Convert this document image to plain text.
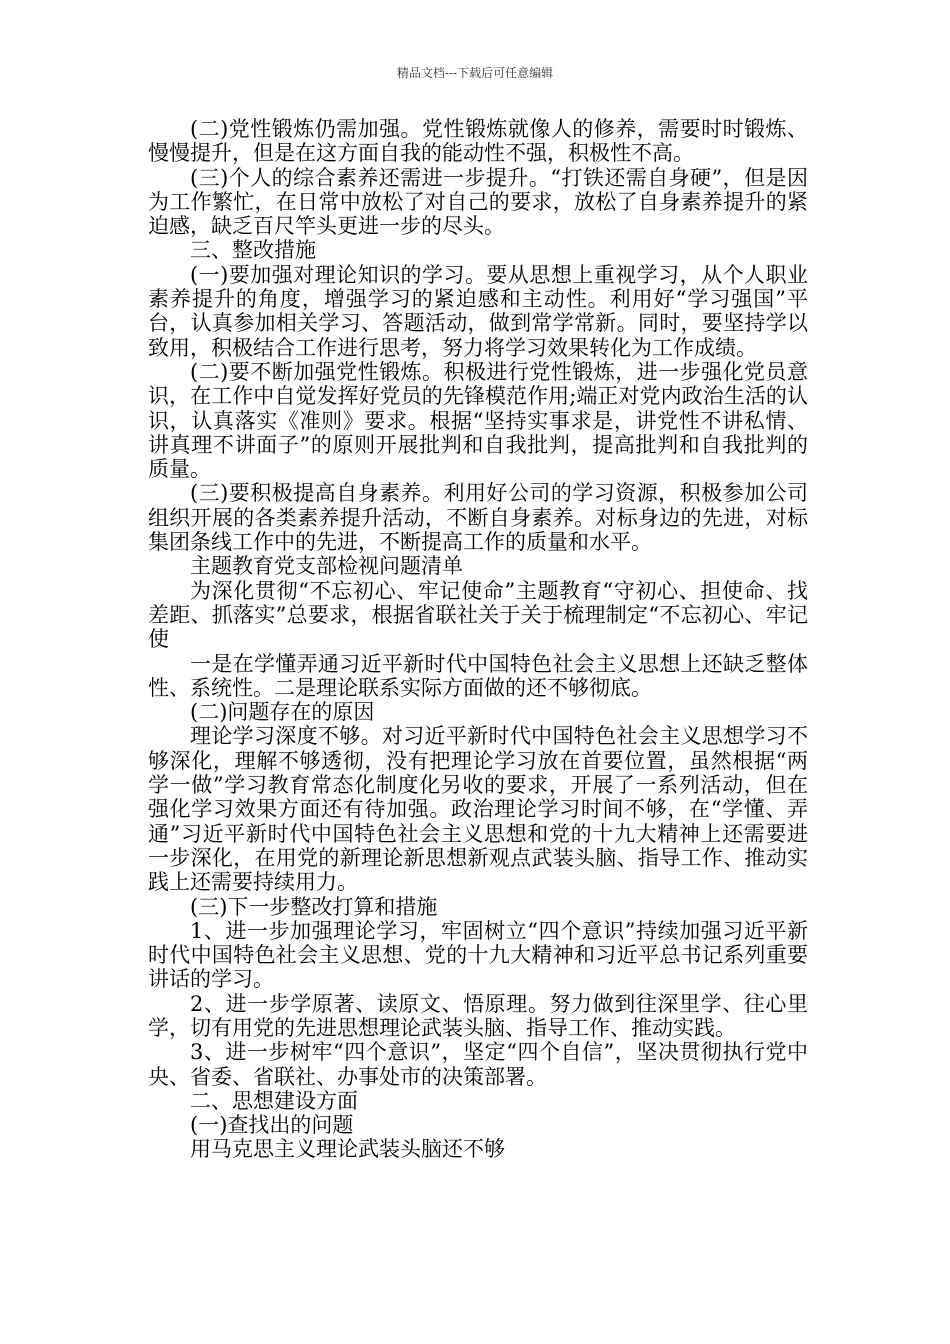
精品文档---下载后可任意编辑

(二)党性锻炼仍需加强。党性锻炼就像人的修养，需要时时锻炼、慢慢提升，但是在这方面自我的能动性不强，积极性不高。

(三)个人的综合素养还需进一步提升。“打铁还需自身硬”，但是因为工作繁忙，在日常中放松了对自己的要求，放松了自身素养提升的紧迫感，缺乏百尺竿头更进一步的尽头。

三、整改措施

(一)要加强对理论知识的学习。要从思想上重视学习，从个人职业素养提升的角度，增强学习的紧迫感和主动性。利用好“学习强国”平台，认真参加相关学习、答题活动，做到常学常新。同时，要坚持学以致用，积极结合工作进行思考，努力将学习效果转化为工作成绩。

(二)要不断加强党性锻炼。积极进行党性锻炼，进一步强化党员意识，在工作中自觉发挥好党员的先锋模范作用;端正对党内政治生活的认识，认真落实《准则》要求。根据“坚持实事求是，讲党性不讲私情、讲真理不讲面子”的原则开展批判和自我批判，提高批判和自我批判的质量。

(三)要积极提高自身素养。利用好公司的学习资源，积极参加公司组织开展的各类素养提升活动，不断自身素养。对标身边的先进，对标集团条线工作中的先进，不断提高工作的质量和水平。

主题教育党支部检视问题清单

为深化贯彻“不忘初心、牢记使命”主题教育“守初心、担使命、找差距、抓落实”总要求，根据省联社关于关于梳理制定“不忘初心、牢记使

一是在学懂弄通习近平新时代中国特色社会主义思想上还缺乏整体性、系统性。二是理论联系实际方面做的还不够彻底。

(二)问题存在的原因

理论学习深度不够。对习近平新时代中国特色社会主义思想学习不够深化，理解不够透彻，没有把理论学习放在首要位置，虽然根据“两学一做”学习教育常态化制度化另收的要求，开展了一系列活动，但在强化学习效果方面还有待加强。政治理论学习时间不够，在“学懂、弄通”习近平新时代中国特色社会主义思想和党的十九大精神上还需要进一步深化，在用党的新理论新思想新观点武装头脑、指导工作、推动实践上还需要持续用力。

(三)下一步整改打算和措施

1、进一步加强理论学习，牢固树立“四个意识”持续加强习近平新时代中国特色社会主义思想、党的十九大精神和习近平总书记系列重要讲话的学习。

2、进一步学原著、读原文、悟原理。努力做到往深里学、往心里学，切有用党的先进思想理论武装头脑、指导工作、推动实践。

3、进一步树牢“四个意识”，坚定“四个自信”，坚决贯彻执行党中央、省委、省联社、办事处市的决策部署。

二、思想建设方面

(一)查找出的问题

用马克思主义理论武装头脑还不够
